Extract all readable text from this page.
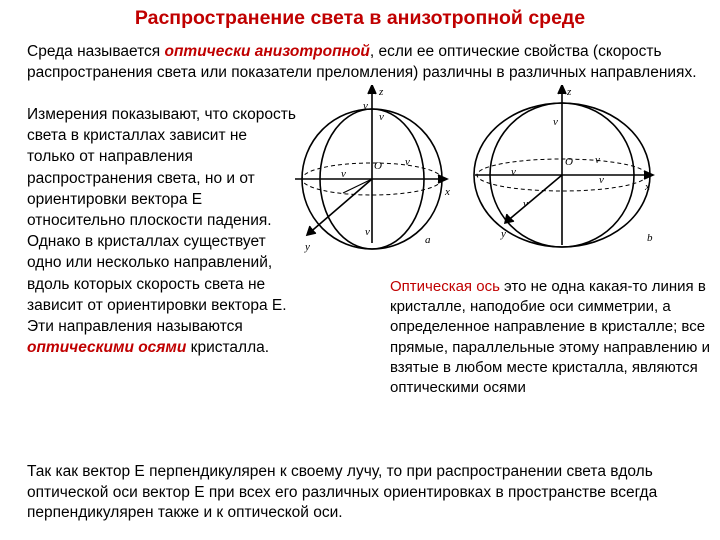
Распространение света в анизотропной среде
Среда называется оптически анизотропной, если ее оптические свойства (скорость распространения света или показатели преломления) различны в различных направлениях.
Измерения показывают, что скорость света в кристаллах зависит не только от направления распространения света, но и от ориентировки вектора Е относительно плоскости падения. Однако в кристаллах существует одно или несколько направлений, вдоль которых скорость света не зависит от ориентировки вектора Е. Эти направления называются оптическими осями кристалла.
z
v
v
O v
v
x
v
y
a
z
v
O v
v
x
v
v
y	b
Оптическая ось это не одна какая-то линия в кристалле, наподобие оси симметрии, а определенное направление в кристалле; все прямые, параллельные этому направлению и взятые в любом месте кристалла, являются оптическими осями
Так как вектор Е перпендикулярен к своему лучу, то при распространении света вдоль оптической оси вектор Е при всех его различных ориентировках в пространстве всегда перпендикулярен также и к оптической оси.
